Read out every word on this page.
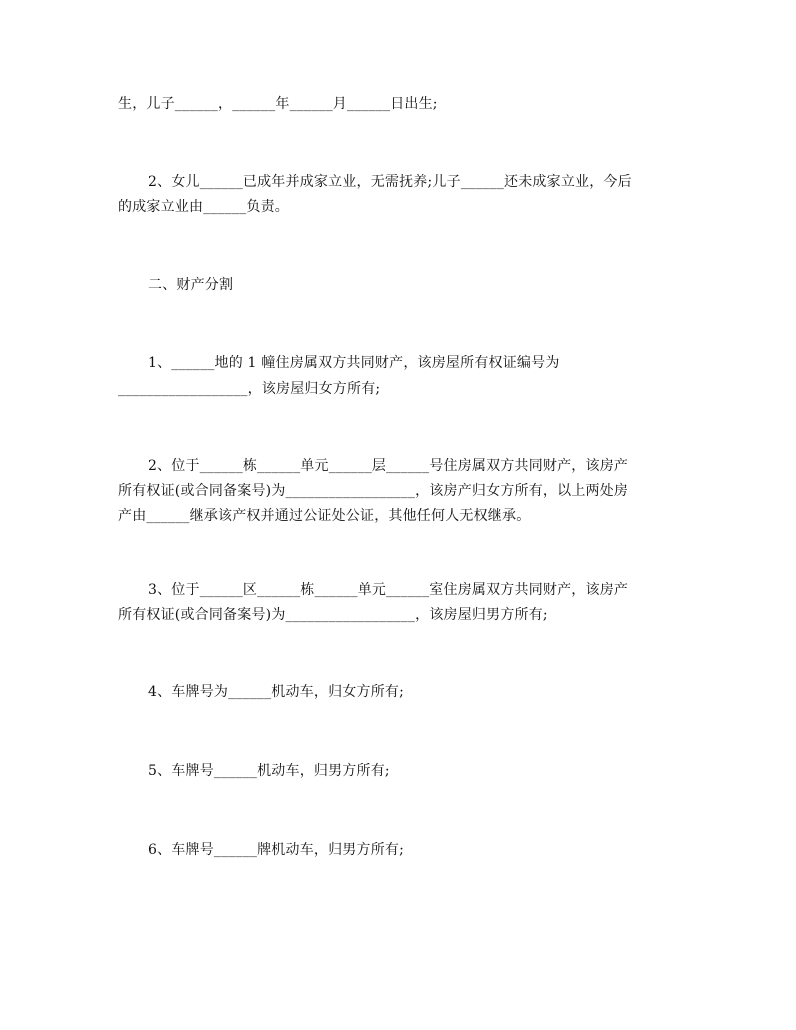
生，儿子______，______年______月______日出生;
2、女儿______已成年并成家立业，无需抚养;儿子______还未成家立业，今后
的成家立业由______负责。
二、财产分割
1、______地的 1 幢住房属双方共同财产，该房屋所有权证编号为
__________________，该房屋归女方所有;
2、位于______栋______单元______层______号住房属双方共同财产，该房产
所有权证(或合同备案号)为__________________，该房产归女方所有，以上两处房
产由______继承该产权并通过公证处公证，其他任何人无权继承。
3、位于______区______栋______单元______室住房属双方共同财产，该房产
所有权证(或合同备案号)为__________________，该房屋归男方所有;
4、车牌号为______机动车，归女方所有;
5、车牌号______机动车，归男方所有;
6、车牌号______牌机动车，归男方所有;
